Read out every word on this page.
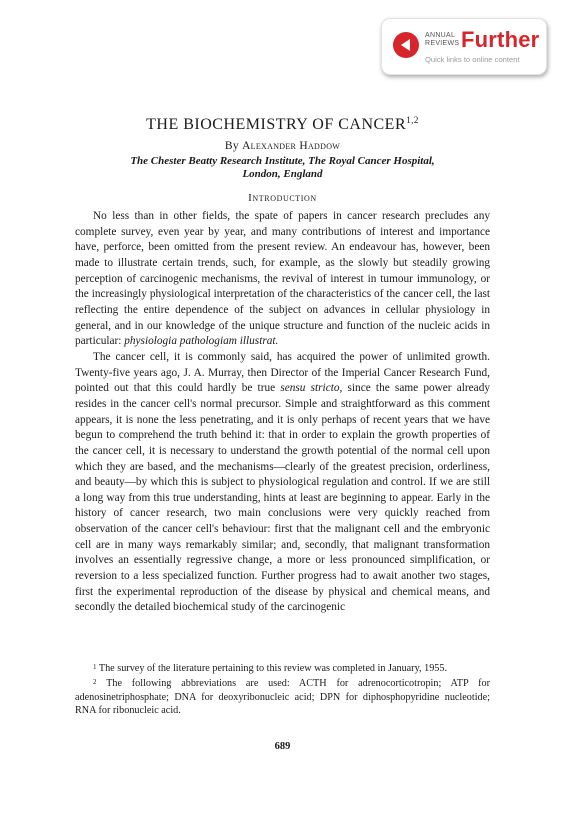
ANNUAL REVIEWS Further
Quick links to online content
THE BIOCHEMISTRY OF CANCER$^{1,2}$
By Alexander Haddow
The Chester Beatty Research Institute, The Royal Cancer Hospital,
London, England
Introduction

No less than in other fields, the spate of papers in cancer research precludes any complete survey, even year by year, and many contributions of interest and importance have, perforce, been omitted from the present review. An endeavour has, however, been made to illustrate certain trends, such, for example, as the slowly but steadily growing perception of carcinogenic mechanisms, the revival of interest in tumour immunology, or the increasingly physiological interpretation of the characteristics of the cancer cell, the last reflecting the entire dependence of the subject on advances in cellular physiology in general, and in our knowledge of the unique structure and function of the nucleic acids in particular: physiologia pathologiam illustrat.

The cancer cell, it is commonly said, has acquired the power of unlimited growth. Twenty-five years ago, J. A. Murray, then Director of the Imperial Cancer Research Fund, pointed out that this could hardly be true sensu stricto, since the same power already resides in the cancer cell's normal precursor. Simple and straightforward as this comment appears, it is none the less penetrating, and it is only perhaps of recent years that we have begun to comprehend the truth behind it: that in order to explain the growth properties of the cancer cell, it is necessary to understand the growth potential of the normal cell upon which they are based, and the mechanisms—clearly of the greatest precision, orderliness, and beauty—by which this is subject to physiological regulation and control. If we are still a long way from this true understanding, hints at least are beginning to appear. Early in the history of cancer research, two main conclusions were very quickly reached from observation of the cancer cell's behaviour: first that the malignant cell and the embryonic cell are in many ways remarkably similar; and, secondly, that malignant transformation involves an essentially regressive change, a more or less pronounced simplification, or reversion to a less specialized function. Further progress had to await another two stages, first the experimental reproduction of the disease by physical and chemical means, and secondly the detailed biochemical study of the carcinogenic

$^1$ The survey of the literature pertaining to this review was completed in January, 1955.

$^2$ The following abbreviations are used: ACTH for adrenocorticotropin; ATP for adenosinetriphosphate; DNA for deoxyribonucleic acid; DPN for diphosphopyridine nucleotide; RNA for ribonucleic acid.

689
